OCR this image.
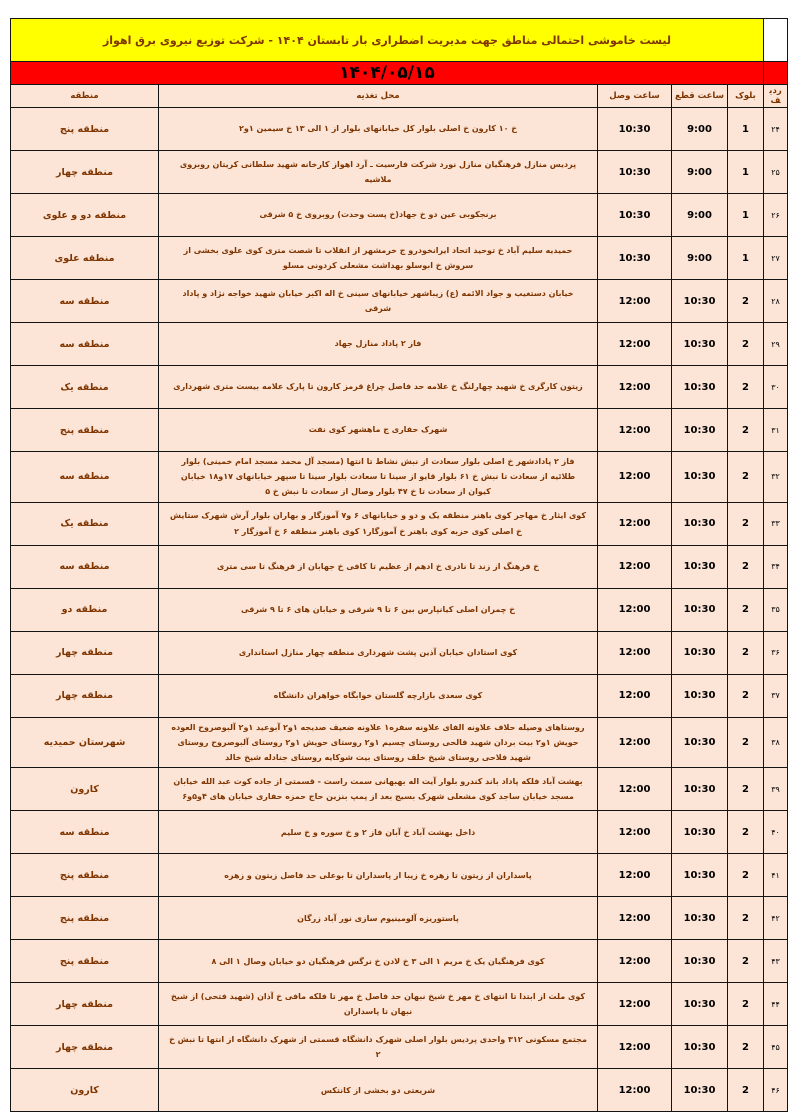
	لیست خاموشی احتمالی مناطق جهت مدیریت اضطراری بار تابستان ۱۴۰۴ - شرکت توزیع نیروی برق اهواز				
	۱۴۰۴/۰۵/۱۵				
ردیف	بلوک	ساعت قطع	ساعت وصل	محل تغذیه	منطقه
۲۴	1	9:00	10:30	خ ۱۰ کارون خ اصلی بلوار کل خیابانهای بلوار از ۱ الی ۱۳ خ سیمین ۱و۲	منطقه پنج
۲۵	1	9:00	10:30	پردیس منازل فرهنگیان منازل نورد شرکت فارسیت ـ آرد اهواز کارخانه شهید سلطانی کریتان روبروی ملاشیه	منطقه چهار
۲۶	1	9:00	10:30	برنجکوبی عین دو خ جهاد(خ پست وحدت) روبروی خ ۵ شرقی	منطقه دو و علوی
۲۷	1	9:00	10:30	حمیدیه سلیم آباد خ توحید اتحاد ایرانخودرو ج خرمشهر از انقلاب تا شصت متری کوی علوی بخشی از سروش خ ابوسلو بهداشت مشعلی کردونی مسلو	منطقه علوی
۲۸	2	10:30	12:00	خیابان دستغیب و جواد الائمه (ع) زیباشهر خیابانهای سینی خ اله اکبر خیابان شهید خواجه نژاد و پاداد شرقی	منطقه سه
۲۹	2	10:30	12:00	فاز ۲ پاداد منازل جهاد	منطقه سه
۳۰	2	10:30	12:00	زیتون کارگری خ شهید چهارلنگ خ علامه حد فاصل چراغ قرمز کارون تا پارک علامه بیست متری شهرداری	منطقه یک
۳۱	2	10:30	12:00	شهرک حفاری ج ماهشهر کوی نفت	منطقه پنج
۳۲	2	10:30	12:00	فاز ۲ پادادشهر خ اصلی بلوار سعادت از نبش نشاط تا انتها (مسجد آل محمد مسجد امام خمینی) بلوار طلائیه از سعادت تا نبش خ ۶۱ بلوار قایو از سینا تا سعادت بلوار سینا تا سپهر خیابانهای ۱۷و۱۸ خیابان کیوان از سعادت تا خ ۴۷ بلوار وصال از سعادت تا نبش خ ۵	منطقه سه
۳۳	2	10:30	12:00	کوی ایثار خ مهاجر کوی باهنر منطقه یک و دو و خیابانهای ۶ و۷ آموزگار و بهاران بلوار آرش شهرک ستایش خ اصلی کوی حزبه کوی باهنر خ آموزگار۱ کوی باهنر منطقه ۶ خ آموزگار ۲	منطقه یک
۳۴	2	10:30	12:00	خ فرهنگ از زند تا نادری خ ادهم از عظیم تا کافی خ جهابان از فرهنگ تا سی متری	منطقه سه
۳۵	2	10:30	12:00	خ چمران اصلی کیانپارس بین ۶ تا ۹ شرقی و خیابان های ۶ تا ۹ شرقی	منطقه دو
۳۶	2	10:30	12:00	کوی استادان خیابان آذین پشت شهرداری منطقه چهار منازل استانداری	منطقه چهار
۳۷	2	10:30	12:00	کوی سعدی بازارچه گلستان خوابگاه خواهران دانشگاه	منطقه چهار
۳۸	2	10:30	12:00	روستاهای وصیله حلاف علاونه الفای علاونه سفره۱ علاونه ضعیف صدیجه ۱و۲ آبوعید ۱و۲ آلبوصروح العوده حویش ۱و۲ بیت بردان شهید فالحی روستای چسیم ۱و۲ روستای حویش ۱و۲ روستای آلبوصروح روستای شهید فلاحی روستای شیخ خلف روستای بیت شوکایه روستای جنادله شیخ خالد	شهرستان حمیدیه
۳۹	2	10:30	12:00	بهشت آباد فلکه پاداد باند کندرو بلوار آیت اله بهبهانی سمت راست - قسمتی از جاده کوت عبد الله خیابان مسجد خیابان ساجد کوی مشعلی شهرک بسیج بعد از پمپ بنزین حاج حمزه حفاری خیابان های ۴و۵و۶	کارون
۴۰	2	10:30	12:00	داخل بهشت آباد خ آبان فاز ۲ و خ سوره و خ سلیم	منطقه سه
۴۱	2	10:30	12:00	پاسداران از زیتون تا زهره خ زیبا از پاسداران تا بوعلی حد فاصل زیتون و زهره	منطقه پنج
۴۲	2	10:30	12:00	پاستوریزه آلومینیوم سازی نور آباد زرگان	منطقه پنج
۴۳	2	10:30	12:00	کوی فرهنگیان یک خ مریم ۱ الی ۳ خ لادن خ نرگس فرهنگیان دو خیابان وصال ۱ الی ۸	منطقه پنج
۴۴	2	10:30	12:00	کوی ملت از ابتدا تا انتهای خ مهر خ شیخ نبهان حد فاصل خ مهر تا فلکه مافی خ آذان (شهید فتحی) از شیخ نبهان تا پاسداران	منطقه چهار
۴۵	2	10:30	12:00	مجتمع مسکونی ۳۱۲ واحدی پردیس بلوار اصلی شهرک دانشگاه قسمتی از شهرک دانشگاه از انتها تا نبش خ ۲	منطقه چهار
۴۶	2	10:30	12:00	شریعتی دو بخشی از کانتکس	کارون
